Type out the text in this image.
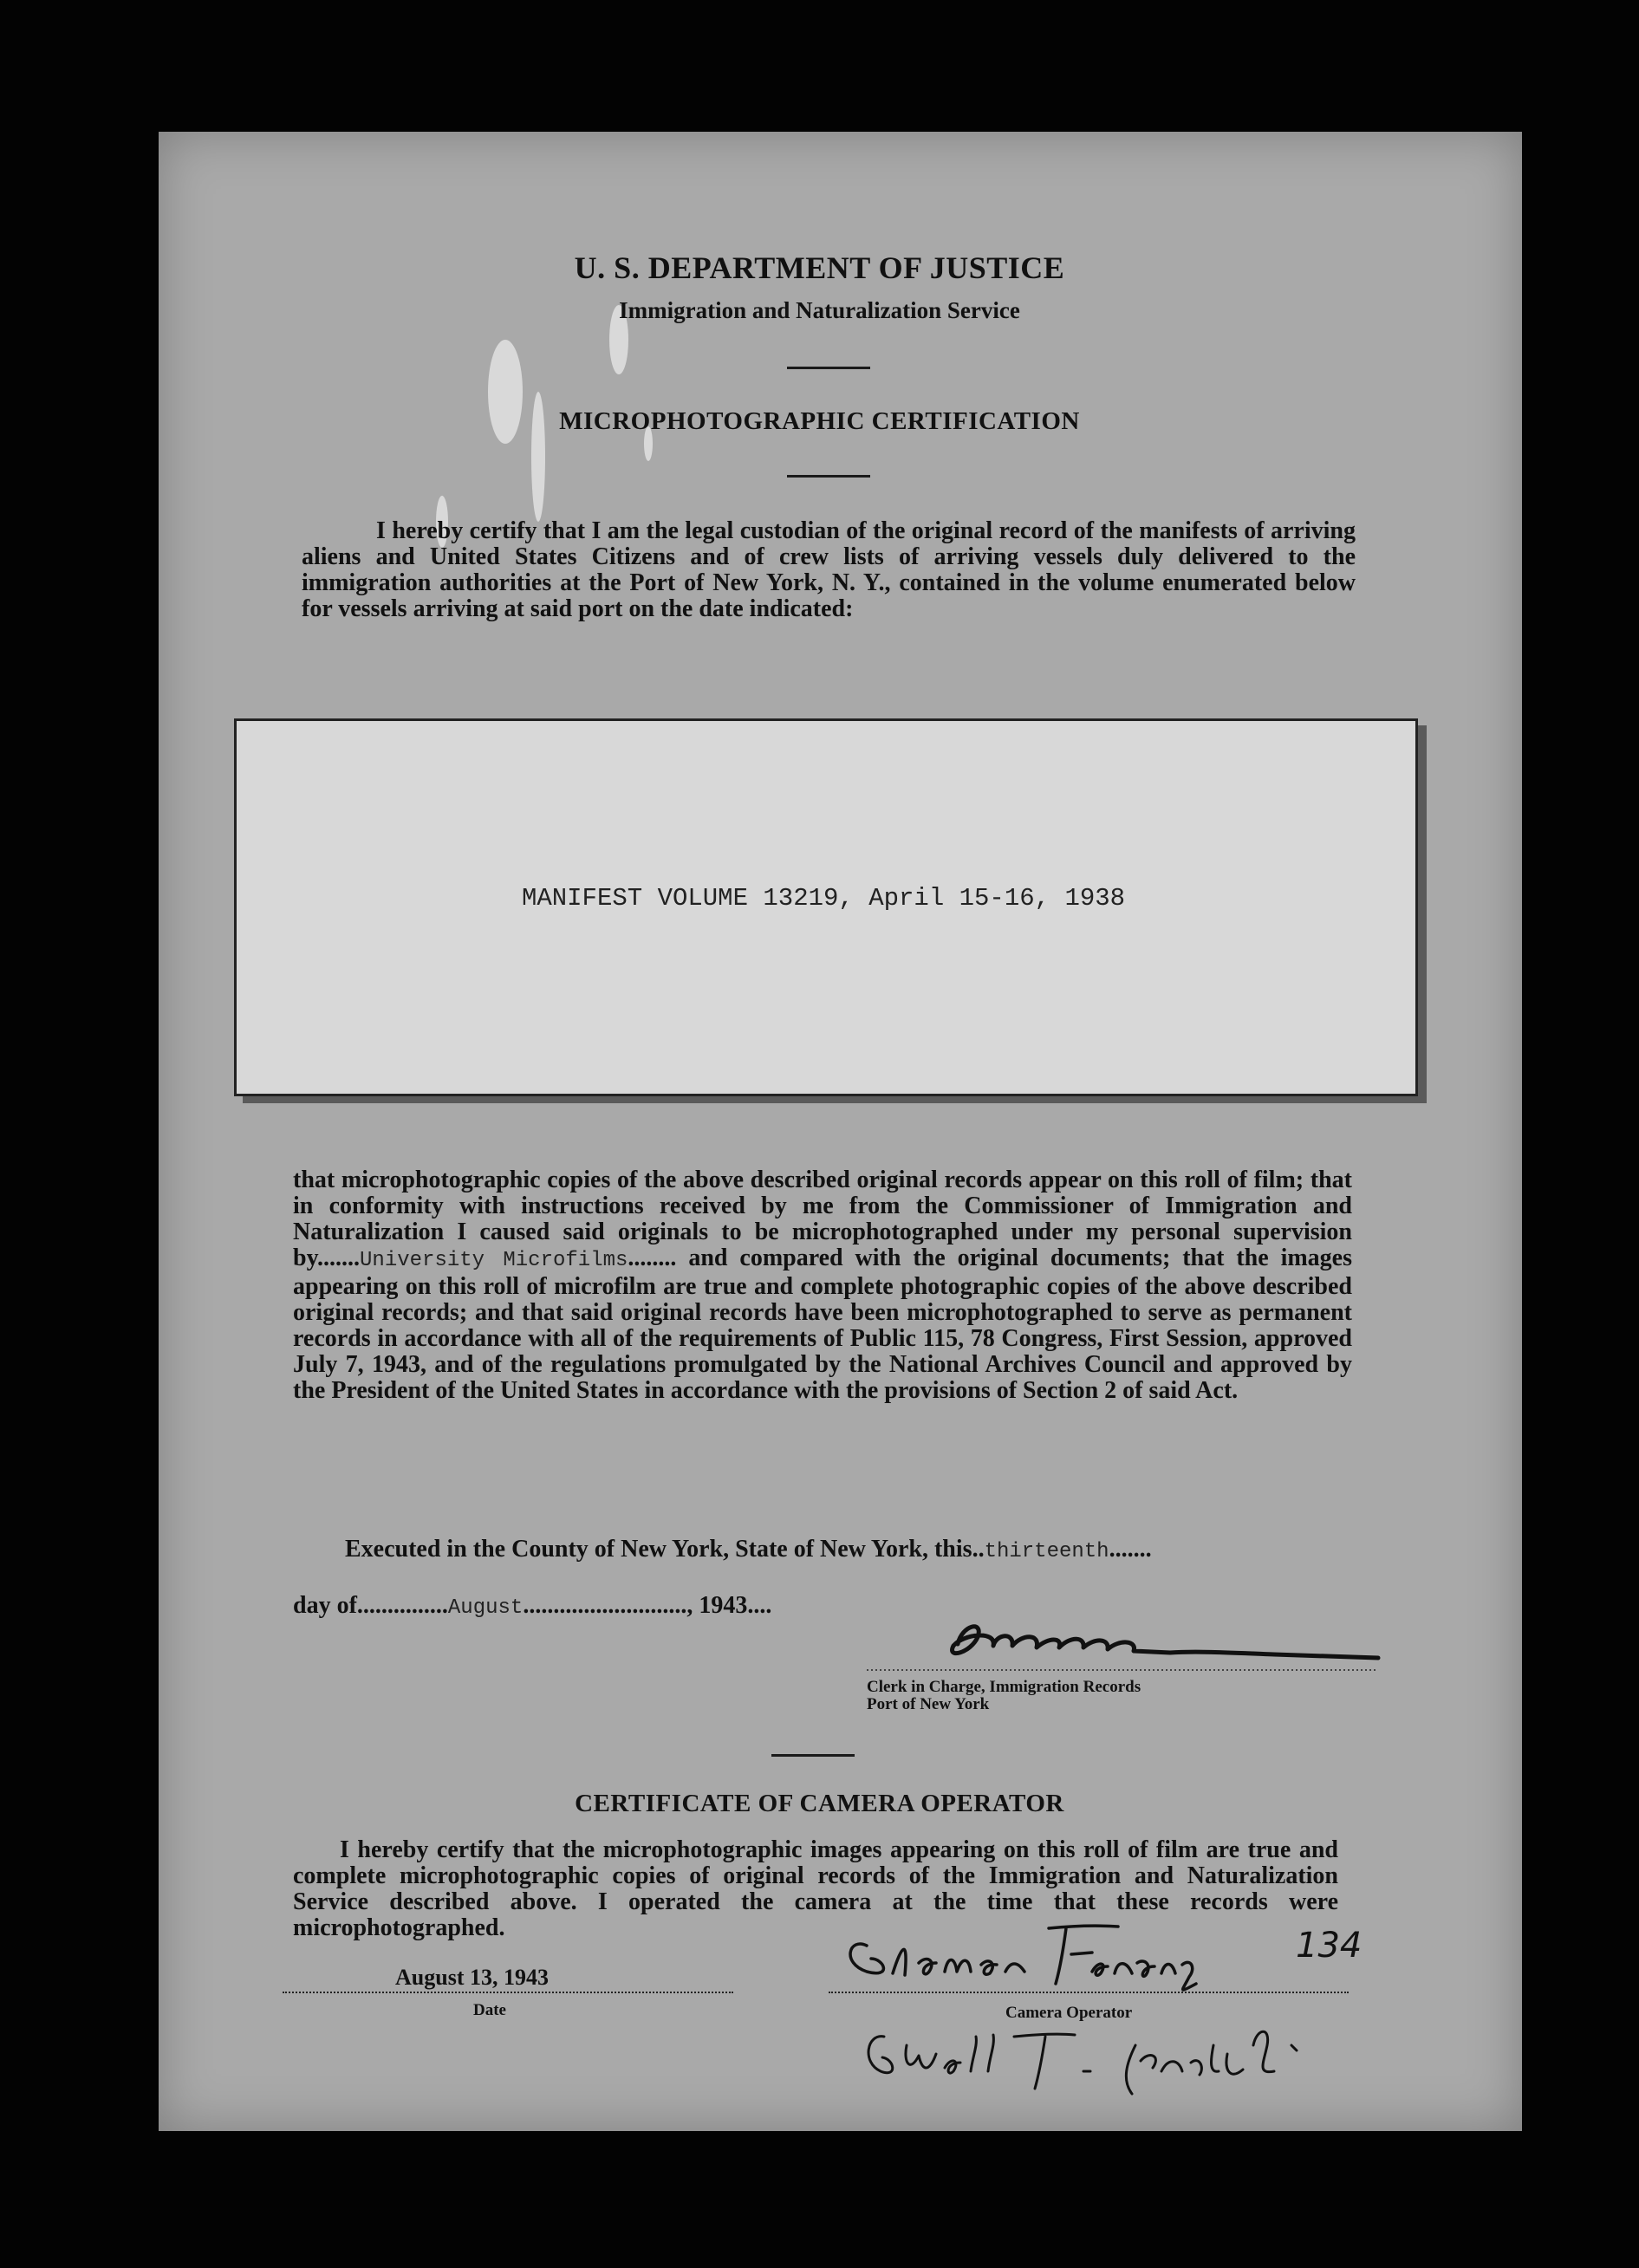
U. S. DEPARTMENT OF JUSTICE
Immigration and Naturalization Service
MICROPHOTOGRAPHIC CERTIFICATION
I hereby certify that I am the legal custodian of the original record of the manifests of arriving aliens and United States Citizens and of crew lists of arriving vessels duly delivered to the immigration authorities at the Port of New York, N. Y., contained in the volume enumerated below for vessels arriving at said port on the date indicated:
MANIFEST VOLUME 13219, April 15-16, 1938
that microphotographic copies of the above described original records appear on this roll of film; that in conformity with instructions received by me from the Commissioner of Immigration and Naturalization I caused said originals to be microphotographed under my personal supervision by.......University Microfilms........ and compared with the original documents; that the images appearing on this roll of microfilm are true and complete photographic copies of the above described original records; and that said original records have been microphotographed to serve as permanent records in accordance with all of the requirements of Public 115, 78 Congress, First Session, approved July 7, 1943, and of the regulations promulgated by the National Archives Council and approved by the President of the United States in accordance with the provisions of Section 2 of said Act.
Executed in the County of New York, State of New York, this..thirteenth.......
day of...............August..........................., 1943....
Clerk in Charge, Immigration Records
Port of New York
CERTIFICATE OF CAMERA OPERATOR
I hereby certify that the microphotographic images appearing on this roll of film are true and complete microphotographic copies of original records of the Immigration and Naturalization Service described above. I operated the camera at the time that these records were microphotographed.
August 13, 1943
Date
134
Camera Operator
